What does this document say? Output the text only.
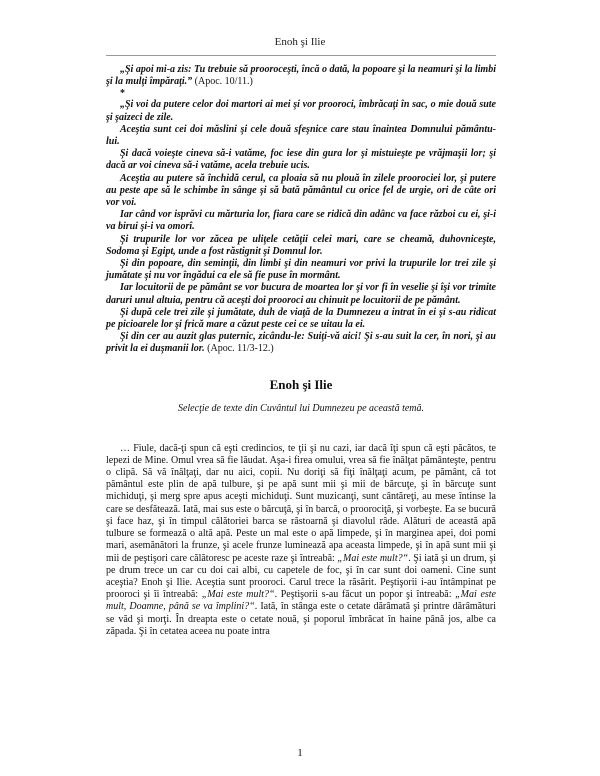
Enoh şi Ilie

„Şi apoi mi-a zis: Tu trebuie să prooroceşti, încă o dată, la popoare şi la neamuri şi la limbi şi la mulţi împăraţi.” (Apoc. 10/11.)

*

„Şi voi da putere celor doi martori ai mei şi vor prooroci, îmbrăcaţi în sac, o mie două sute şi şaizeci de zile.

Aceştia sunt cei doi măslini şi cele două sfeşnice care stau înaintea Domnului pământu-lui.

Şi dacă voieşte cineva să-i vatăme, foc iese din gura lor şi mistuieşte pe vrăjmaşii lor; şi dacă ar voi cineva să-i vatăme, acela trebuie ucis.

Aceştia au putere să închidă cerul, ca ploaia să nu plouă în zilele proorociei lor, şi putere au peste ape să le schimbe în sânge şi să bată pământul cu orice fel de urgie, ori de câte ori vor voi.

Iar când vor isprăvi cu mărturia lor, fiara care se ridică din adânc va face război cu ei, şi-i va birui şi-i va omorî.

Şi trupurile lor vor zăcea pe uliţele cetăţii celei mari, care se cheamă, duhovniceşte, Sodoma şi Egipt, unde a fost răstignit şi Domnul lor.

Şi din popoare, din seminţii, din limbi şi din neamuri vor privi la trupurile lor trei zile şi jumătate şi nu vor îngădui ca ele să fie puse în mormânt.

Iar locuitorii de pe pământ se vor bucura de moartea lor şi vor fi în veselie şi îşi vor trimite daruri unul altuia, pentru că aceşti doi prooroci au chinuit pe locuitorii de pe pământ.

Şi după cele trei zile şi jumătate, duh de viaţă de la Dumnezeu a intrat în ei şi s-au ridicat pe picioarele lor şi frică mare a căzut peste cei ce se uitau la ei.

Şi din cer au auzit glas puternic, zicându-le: Suiţi-vă aici! Şi s-au suit la cer, în nori, şi au privit la ei duşmanii lor. (Apoc. 11/3-12.)

Enoh şi Ilie

Selecţie de texte din Cuvântul lui Dumnezeu pe această temă.

… Fiule, dacă-ţi spun că eşti credincios, te ţii şi nu cazi, iar dacă îţi spun că eşti păcătos, te lepezi de Mine. Omul vrea să fie lăudat. Aşa-i firea omului, vrea să fie înălţat pământeşte, pentru o clipă. Să vă înălţaţi, dar nu aici, copii. Nu doriţi să fiţi înălţaţi acum, pe pământ, că tot pământul este plin de apă tulbure, şi pe apă sunt mii şi mii de bărcuţe, şi în bărcuţe sunt michiduţi, şi merg spre apus aceşti michiduţi. Sunt muzicanţi, sunt cântăreţi, au mese întinse la care se desfătează. Iată, mai sus este o bărcuţă, şi în barcă, o proorociţă, şi vorbeşte. Ea se bucură şi face haz, şi în timpul călătoriei barca se răstoarnă şi diavolul râde. Alături de această apă tulbure se formează o altă apă. Peste un mal este o apă limpede, şi în marginea apei, doi pomi mari, asemănători la frunze, şi acele frunze luminează apa aceasta limpede, şi în apă sunt mii şi mii de peştişori care călătoresc pe aceste raze şi întreabă: „Mai este mult?“. Şi iată şi un drum, şi pe drum trece un car cu doi cai albi, cu capetele de foc, şi în car sunt doi oameni. Cine sunt aceştia? Enoh şi Ilie. Aceştia sunt prooroci. Carul trece la răsărit. Peştişorii i-au întâmpinat pe prooroci şi îi întreabă: „Mai este mult?“. Peştişorii s-au făcut un popor şi întreabă: „Mai este mult, Doamne, până se va împlini?“. Iată, în stânga este o cetate dărâmată şi printre dărâmături se văd şi morţi. În dreapta este o cetate nouă, şi poporul îmbrăcat în haine până jos, albe ca zăpada. Şi în cetatea aceea nu poate intra

1
